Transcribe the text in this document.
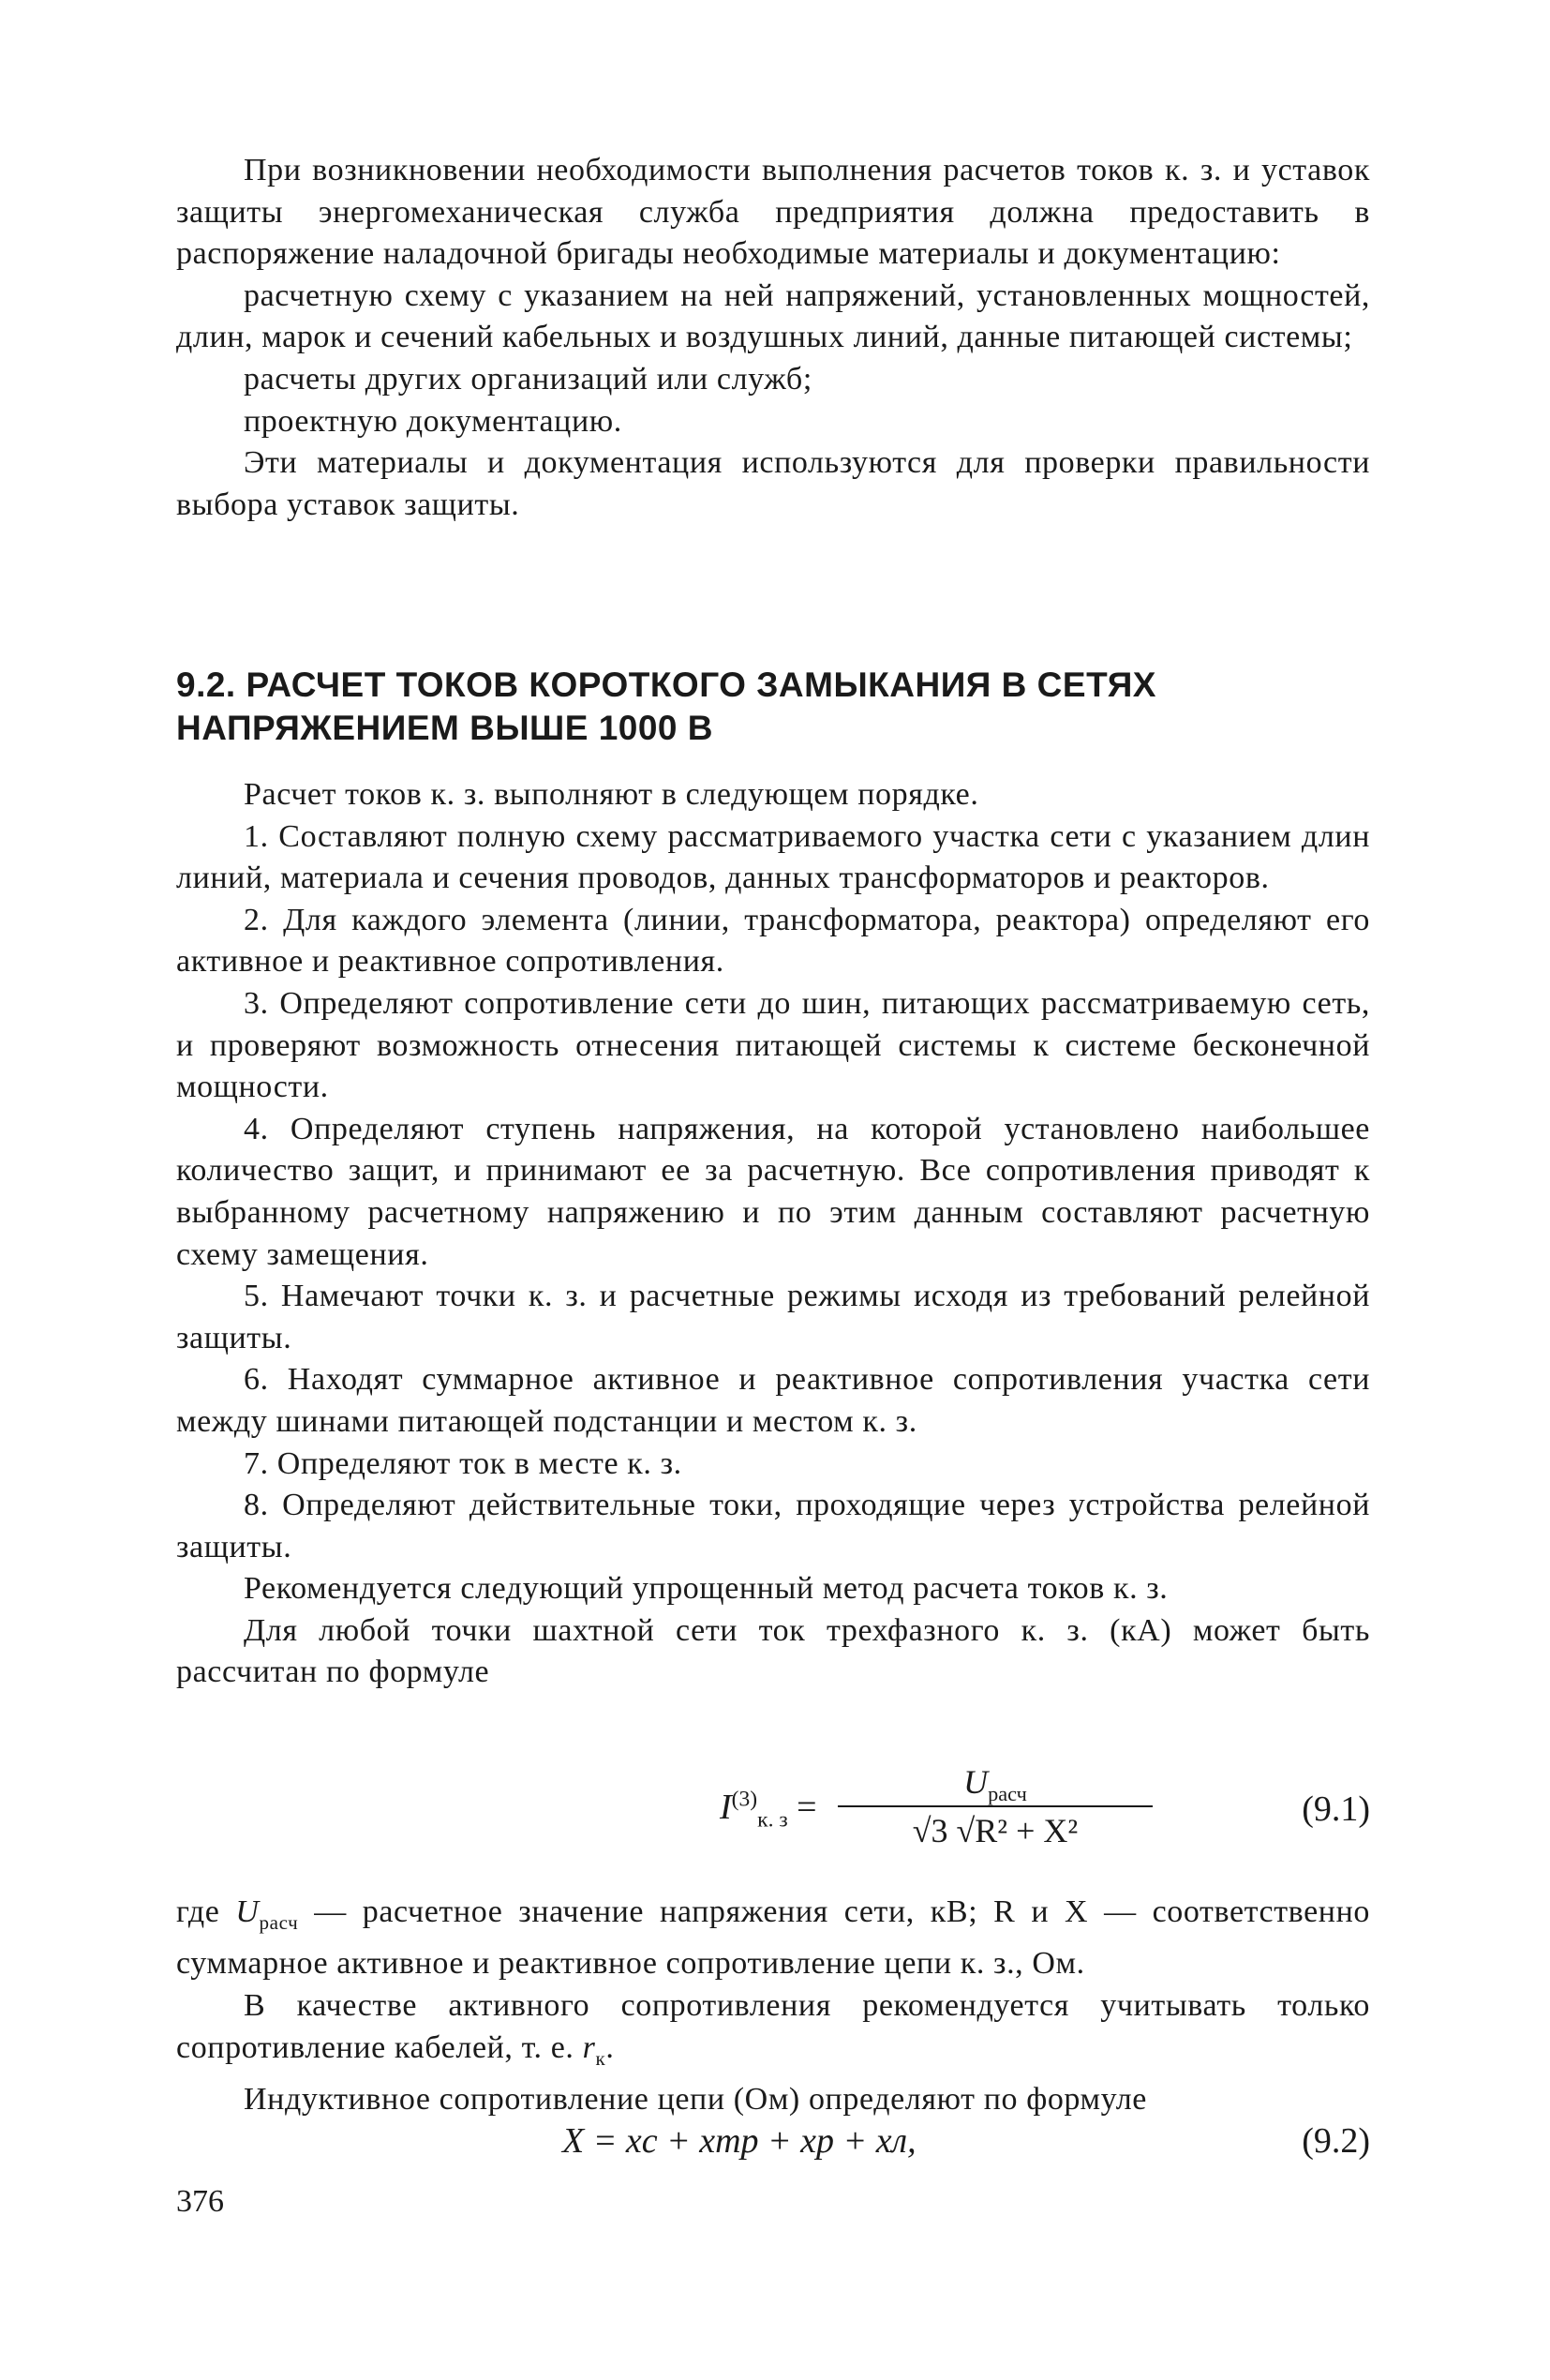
При возникновении необходимости выполнения расчетов токов к. з. и уставок защиты энергомеханическая служба предприятия должна предоставить в распоряжение наладочной бригады необходимые материалы и документацию:

расчетную схему с указанием на ней напряжений, установленных мощностей, длин, марок и сечений кабельных и воздушных линий, данные питающей системы;

расчеты других организаций или служб;

проектную документацию.

Эти материалы и документация используются для проверки правильности выбора уставок защиты.

9.2. РАСЧЕТ ТОКОВ КОРОТКОГО ЗАМЫКАНИЯ В СЕТЯХ
НАПРЯЖЕНИЕМ ВЫШЕ 1000 В

Расчет токов к. з. выполняют в следующем порядке.

1. Составляют полную схему рассматриваемого участка сети с указанием длин линий, материала и сечения проводов, данных трансформаторов и реакторов.

2. Для каждого элемента (линии, трансформатора, реактора) определяют его активное и реактивное сопротивления.

3. Определяют сопротивление сети до шин, питающих рассматриваемую сеть, и проверяют возможность отнесения питающей системы к системе бесконечной мощности.

4. Определяют ступень напряжения, на которой установлено наибольшее количество защит, и принимают ее за расчетную. Все сопротивления приводят к выбранному расчетному напряжению и по этим данным составляют расчетную схему замещения.

5. Намечают точки к. з. и расчетные режимы исходя из требований релейной защиты.

6. Находят суммарное активное и реактивное сопротивления участка сети между шинами питающей подстанции и местом к. з.

7. Определяют ток в месте к. з.

8. Определяют действительные токи, проходящие через устройства релейной защиты.

Рекомендуется следующий упрощенный метод расчета токов к. з.

Для любой точки шахтной сети ток трехфазного к. з. (кА) может быть рассчитан по формуле

$I^{(3)}_{к. з}$ =
$U_{расч}$
√3 √R² + X²
(9.1)

где $U_{расч}$ — расчетное значение напряжения сети, кВ; R и X — соответственно суммарное активное и реактивное сопротивление цепи к. з., Ом.

В качестве активного сопротивления рекомендуется учитывать только сопротивление кабелей, т. е. $r_к$.

Индуктивное сопротивление цепи (Ом) определяют по формуле

X = xс + xтр + xр + xл,	(9.2)
376
